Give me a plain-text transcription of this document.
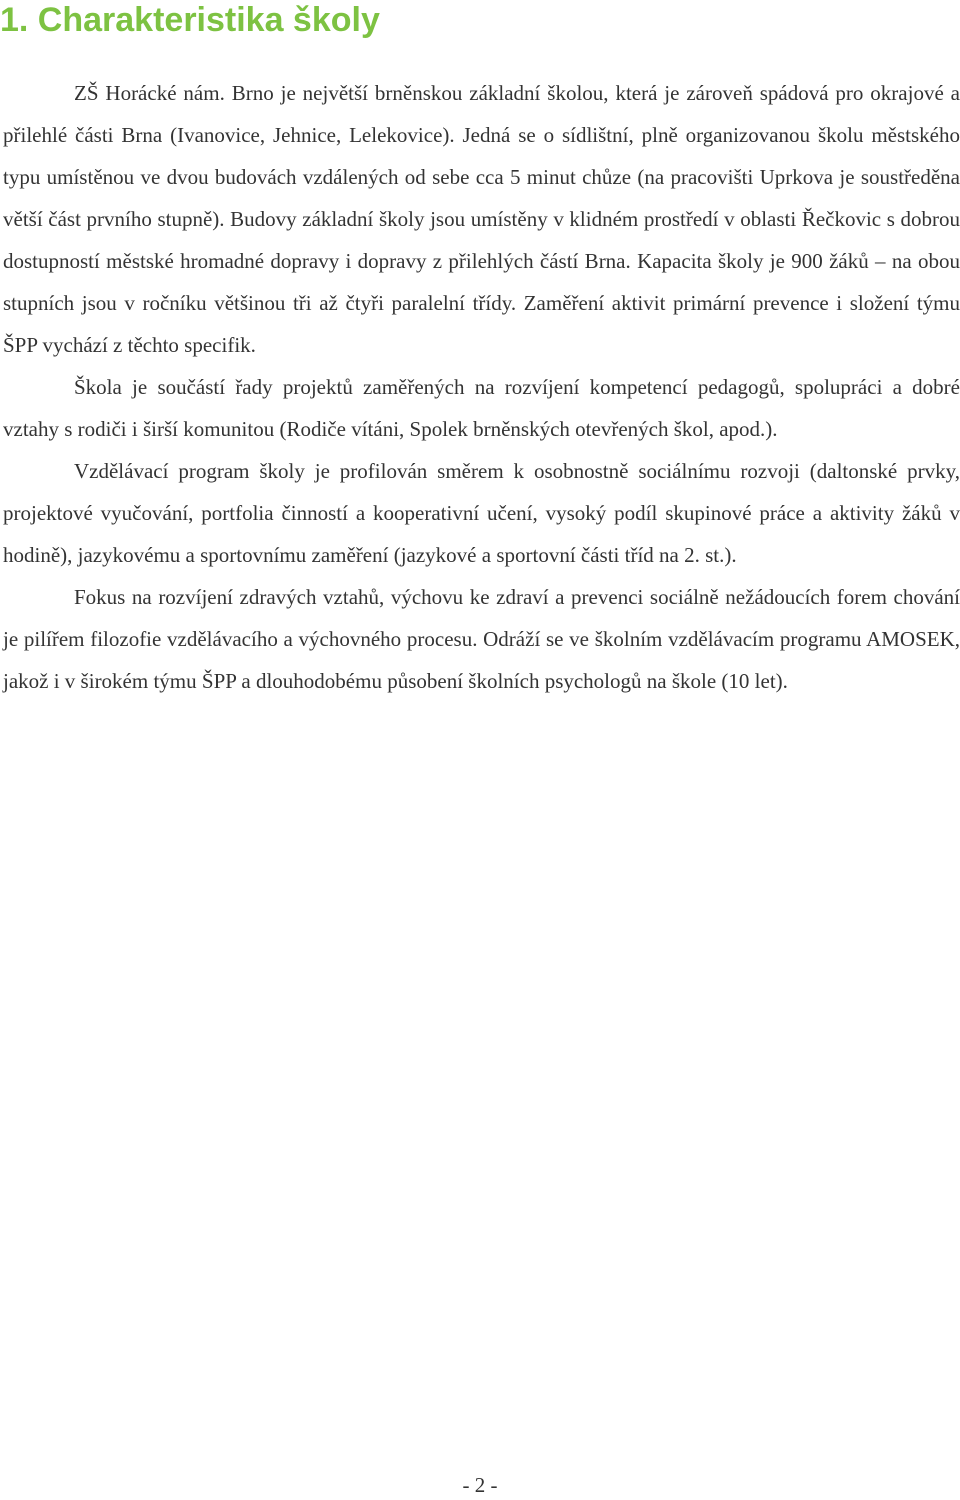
1. Charakteristika školy

ZŠ Horácké nám. Brno je největší brněnskou základní školou, která je zároveň spádová pro okrajové a přilehlé části Brna (Ivanovice, Jehnice, Lelekovice). Jedná se o sídlištní, plně organizovanou školu městského typu umístěnou ve dvou budovách vzdálených od sebe cca 5 minut chůze (na pracovišti Uprkova je soustředěna větší část prvního stupně). Budovy základní školy jsou umístěny v klidném prostředí v oblasti Řečkovic s dobrou dostupností městské hromadné dopravy i dopravy z přilehlých částí Brna. Kapacita školy je 900 žáků – na obou stupních jsou v ročníku většinou tři až čtyři paralelní třídy. Zaměření aktivit primární prevence i složení týmu ŠPP vychází z těchto specifik.

Škola je součástí řady projektů zaměřených na rozvíjení kompetencí pedagogů, spolupráci a dobré vztahy s rodiči i širší komunitou (Rodiče vítáni, Spolek brněnských otevřených škol, apod.).

Vzdělávací program školy je profilován směrem k osobnostně sociálnímu rozvoji (daltonské prvky, projektové vyučování, portfolia činností a kooperativní učení, vysoký podíl skupinové práce a aktivity žáků v hodině), jazykovému a sportovnímu zaměření (jazykové a sportovní části tříd na 2. st.).

Fokus na rozvíjení zdravých vztahů, výchovu ke zdraví a prevenci sociálně nežádoucích forem chování je pilířem filozofie vzdělávacího a výchovného procesu. Odráží se ve školním vzdělávacím programu AMOSEK, jakož i v širokém týmu ŠPP a dlouhodobému působení školních psychologů na škole (10 let).

- 2 -
